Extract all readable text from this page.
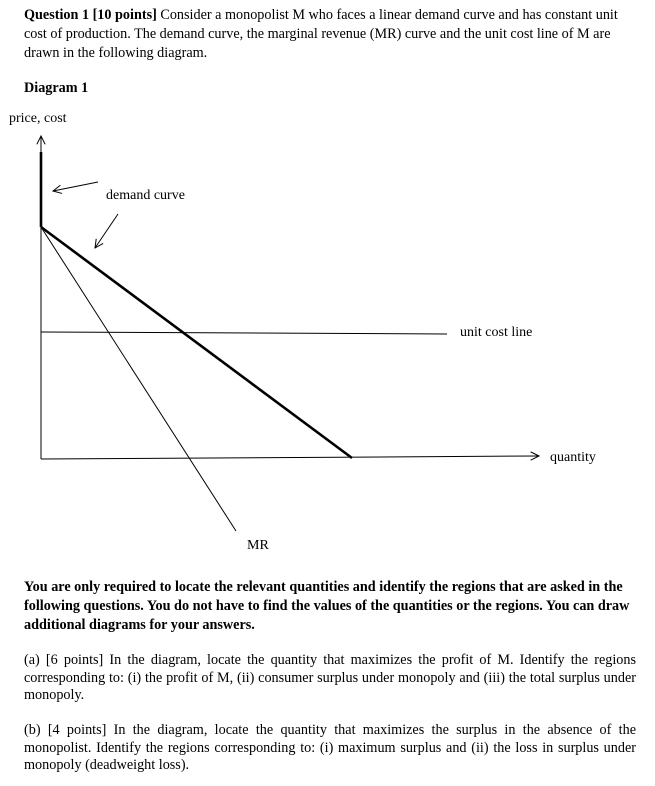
Question 1 [10 points] Consider a monopolist M who faces a linear demand curve and has constant unit cost of production. The demand curve, the marginal revenue (MR) curve and the unit cost line of M are drawn in the following diagram.
Diagram 1
price, cost
quantity
unit cost line
MR
demand curve
You are only required to locate the relevant quantities and identify the regions that are asked in the following questions. You do not have to find the values of the quantities or the regions. You can draw additional diagrams for your answers.
(a) [6 points] In the diagram, locate the quantity that maximizes the profit of M. Identify the regions corresponding to: (i) the profit of M, (ii) consumer surplus under monopoly and (iii) the total surplus under monopoly.
(b) [4 points] In the diagram, locate the quantity that maximizes the surplus in the absence of the monopolist. Identify the regions corresponding to: (i) maximum surplus and (ii) the loss in surplus under monopoly (deadweight loss).
